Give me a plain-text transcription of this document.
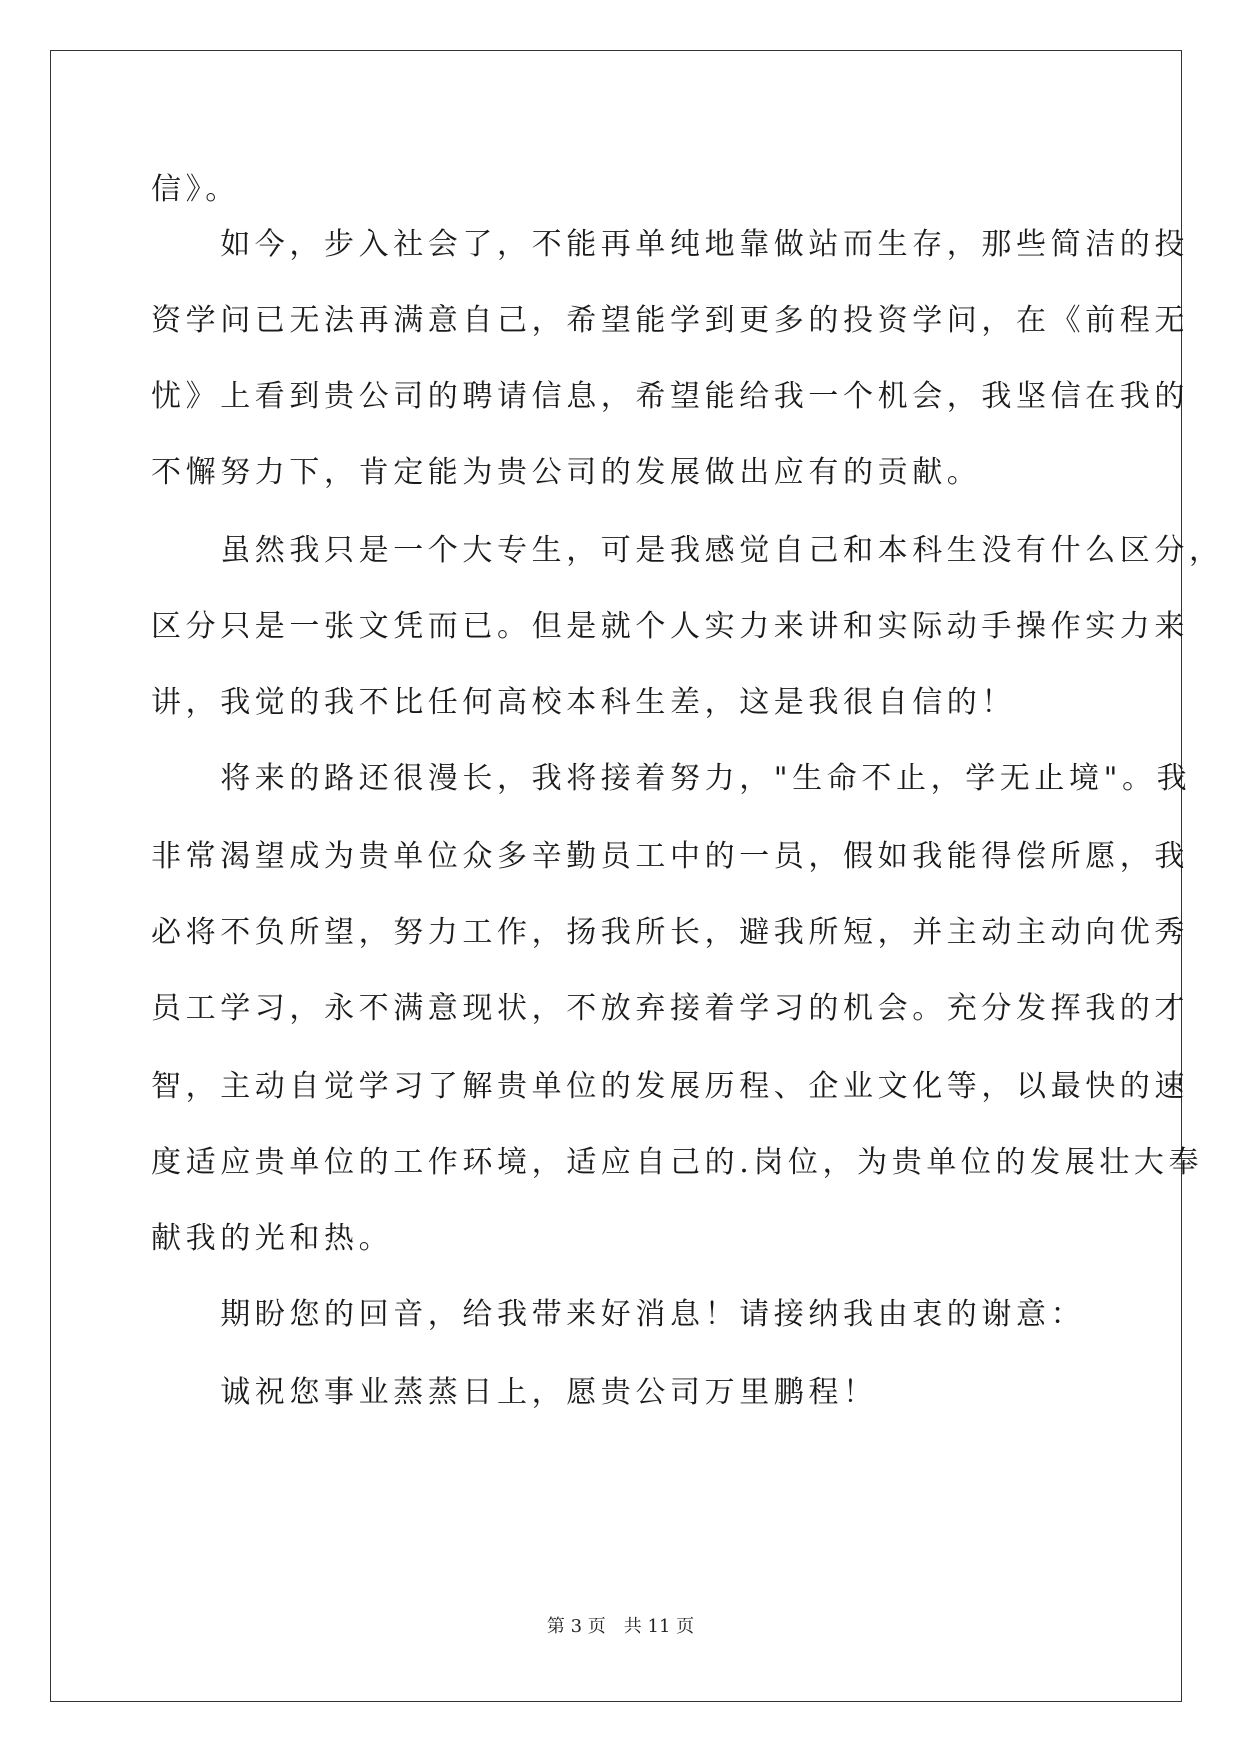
信》。
　　如今，步入社会了，不能再单纯地靠做站而生存，那些简洁的投
资学问已无法再满意自己，希望能学到更多的投资学问，在《前程无
忧》上看到贵公司的聘请信息，希望能给我一个机会，我坚信在我的
不懈努力下，肯定能为贵公司的发展做出应有的贡献。
　　虽然我只是一个大专生，可是我感觉自己和本科生没有什么区分，
区分只是一张文凭而已。但是就个人实力来讲和实际动手操作实力来
讲，我觉的我不比任何高校本科生差，这是我很自信的！
　　将来的路还很漫长，我将接着努力，"生命不止，学无止境"。我
非常渴望成为贵单位众多辛勤员工中的一员，假如我能得偿所愿，我
必将不负所望，努力工作，扬我所长，避我所短，并主动主动向优秀
员工学习，永不满意现状，不放弃接着学习的机会。充分发挥我的才
智，主动自觉学习了解贵单位的发展历程、企业文化等，以最快的速
度适应贵单位的工作环境，适应自己的.岗位，为贵单位的发展壮大奉
献我的光和热。
　　期盼您的回音，给我带来好消息！请接纳我由衷的谢意：
　　诚祝您事业蒸蒸日上，愿贵公司万里鹏程！
第 3 页　共 11 页
